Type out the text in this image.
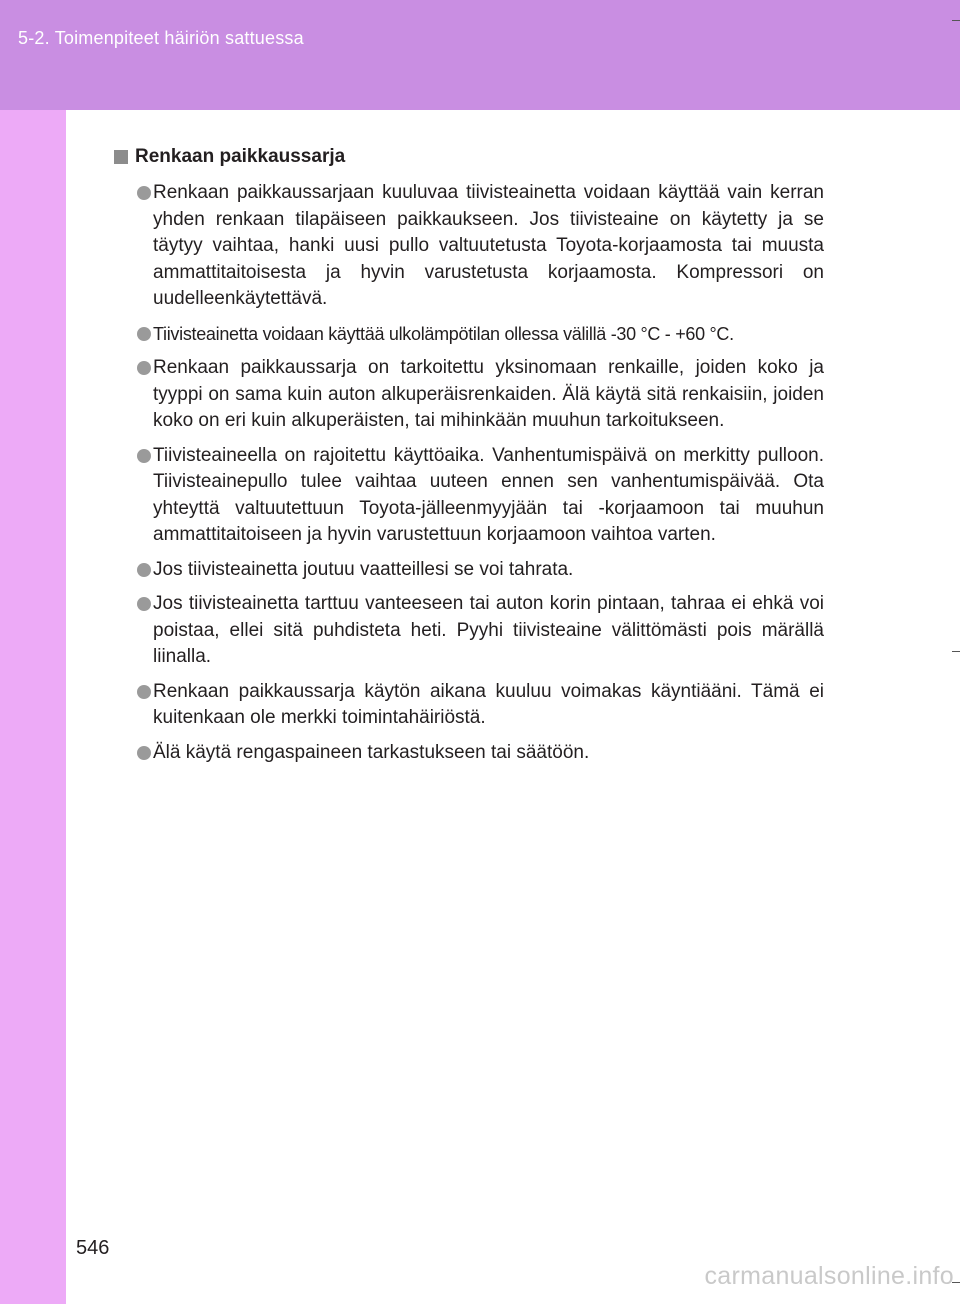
5-2. Toimenpiteet häiriön sattuessa
Renkaan paikkaussarja
Renkaan paikkaussarjaan kuuluvaa tiivisteainetta voidaan käyttää vain kerran yhden renkaan tilapäiseen paikkaukseen. Jos tiivisteaine on käytetty ja se täytyy vaihtaa, hanki uusi pullo valtuutetusta Toyota-korjaamosta tai muusta ammattitaitoisesta ja hyvin varustetusta korjaamosta. Kompressori on uudelleenkäytettävä.
Tiivisteainetta voidaan käyttää ulkolämpötilan ollessa välillä -30 °C - +60 °C.
Renkaan paikkaussarja on tarkoitettu yksinomaan renkaille, joiden koko ja tyyppi on sama kuin auton alkuperäisrenkaiden. Älä käytä sitä renkaisiin, joiden koko on eri kuin alkuperäisten, tai mihinkään muuhun tarkoitukseen.
Tiivisteaineella on rajoitettu käyttöaika. Vanhentumispäivä on merkitty pulloon. Tiivisteainepullo tulee vaihtaa uuteen ennen sen vanhentumispäivää. Ota yhteyttä valtuutettuun Toyota-jälleenmyyjään tai -korjaamoon tai muuhun ammattitaitoiseen ja hyvin varustettuun korjaamoon vaihtoa varten.
Jos tiivisteainetta joutuu vaatteillesi se voi tahrata.
Jos tiivisteainetta tarttuu vanteeseen tai auton korin pintaan, tahraa ei ehkä voi poistaa, ellei sitä puhdisteta heti. Pyyhi tiivisteaine välittömästi pois märällä liinalla.
Renkaan paikkaussarja käytön aikana kuuluu voimakas käyntiääni. Tämä ei kuitenkaan ole merkki toimintahäiriöstä.
Älä käytä rengaspaineen tarkastukseen tai säätöön.
546
carmanualsonline.info
